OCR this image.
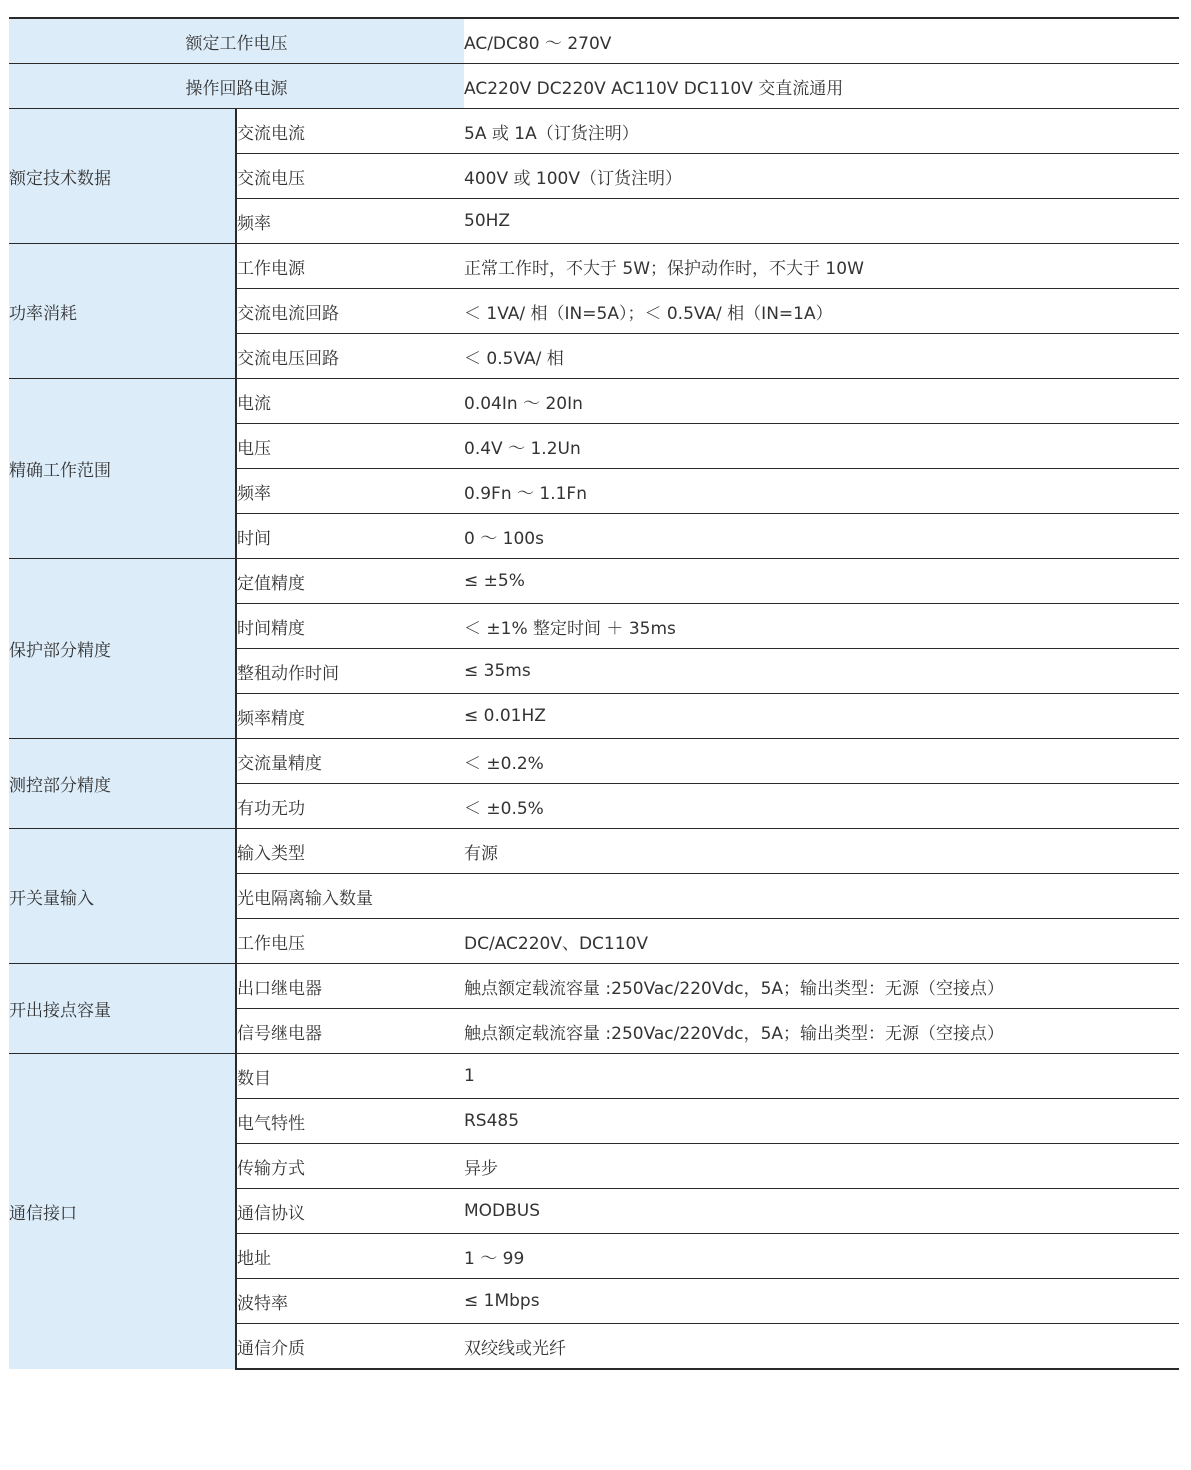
额定工作电压		AC/DC80 ～ 270V
操作回路电源		AC220V DC220V AC110V DC110V 交直流通用
额定技术数据	交流电流	5A 或 1A（订货注明）
	交流电压	400V 或 100V（订货注明）
	频率	50HZ
功率消耗	工作电源	正常工作时，不大于 5W；保护动作时，不大于 10W
	交流电流回路	＜ 1VA/ 相（IN=5A）；＜ 0.5VA/ 相（IN=1A）
	交流电压回路	＜ 0.5VA/ 相
精确工作范围	电流	0.04In ～ 20In
	电压	0.4V ～ 1.2Un
	频率	0.9Fn ～ 1.1Fn
	时间	0 ～ 100s
保护部分精度	定值精度	≤ ±5%
	时间精度	＜ ±1% 整定时间 ＋ 35ms
	整租动作时间	≤ 35ms
	频率精度	≤ 0.01HZ
测控部分精度	交流量精度	＜ ±0.2%
	有功无功	＜ ±0.5%
开关量输入	输入类型	有源
	光电隔离输入数量	
	工作电压	DC/AC220V、DC110V
开出接点容量	出口继电器	触点额定载流容量 :250Vac/220Vdc，5A；输出类型：无源（空接点）
	信号继电器	触点额定载流容量 :250Vac/220Vdc，5A；输出类型：无源（空接点）
通信接口	数目	1
	电气特性	RS485
	传输方式	异步
	通信协议	MODBUS
	地址	1 ～ 99
	波特率	≤ 1Mbps
	通信介质	双绞线或光纤
